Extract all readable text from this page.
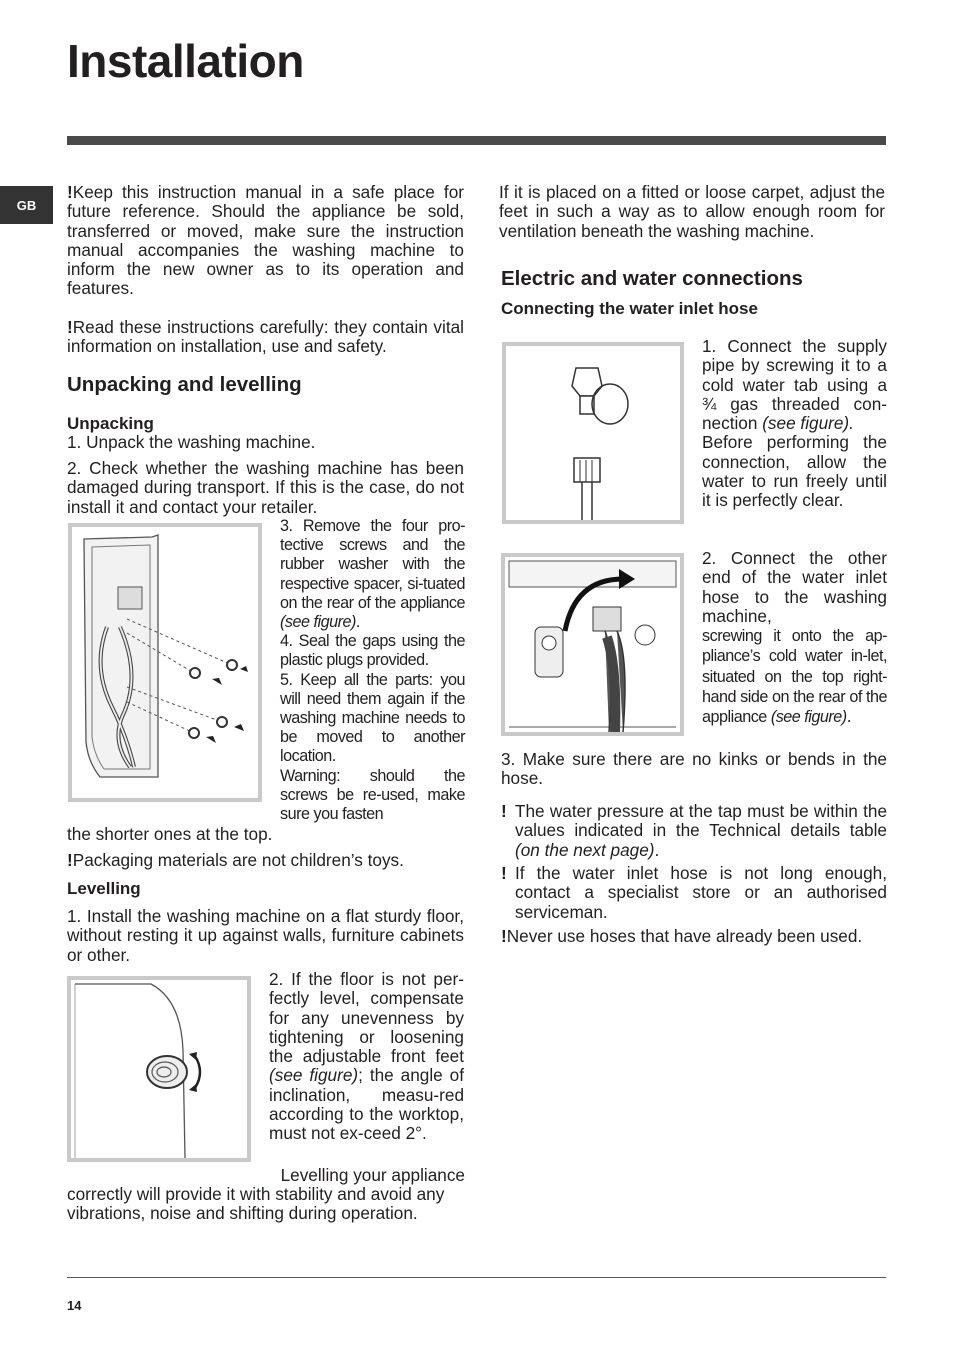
Installation
GB
!Keep this instruction manual in a safe place for future reference. Should the appliance be sold, transferred or moved, make sure the instruction manual accompanies the washing machine to inform the new owner as to its operation and features.
!Read these instructions carefully: they contain vital information on installation, use and safety.
Unpacking and levelling
Unpacking

1. Unpack the washing machine.

2. Check whether the washing machine has been damaged during transport. If this is the case, do not install it and contact your retailer.

3. Remove the four pro-tective screws and the rubber washer with the respective spacer, si-tuated on the rear of the appliance (see figure).
4. Seal the gaps using the plastic plugs provided.
5. Keep all the parts: you will need them again if the washing machine needs to be moved to another location.
Warning: should the screws be re-used, make sure you fasten

the shorter ones at the top.

!Packaging materials are not children’s toys.
Levelling

1. Install the washing machine on a flat sturdy floor, without resting it up against walls, furniture cabinets or other.

2. If the floor is not per-fectly level, compensate for any unevenness by tightening or loosening the adjustable front feet (see figure); the angle of inclination, measu-red according to the worktop, must not ex-ceed 2°.

Levelling your appliance

correctly will provide it with stability and avoid any vibrations, noise and shifting during operation.

If it is placed on a fitted or loose carpet, adjust the feet in such a way as to allow enough room for ventilation beneath the washing machine.

Electric and water connections
Connecting the water inlet hose
1. Connect the supply pipe by screwing it to a cold water tab using a ¾ gas threaded con-nection (see figure).
Before performing the connection, allow the water to run freely until it is perfectly clear.
2. Connect the other end of the water inlet hose to the washing machine,
screwing it onto the ap-pliance’s cold water in-let, situated on the top right-hand side on the rear of the appliance (see figure).

3. Make sure there are no kinks or bends in the hose.

! The water pressure at the tap must be within the values indicated in the Technical details table (on the next page).
! If the water inlet hose is not long enough, contact a specialist store or an authorised serviceman.
!Never use hoses that have already been used.
14
